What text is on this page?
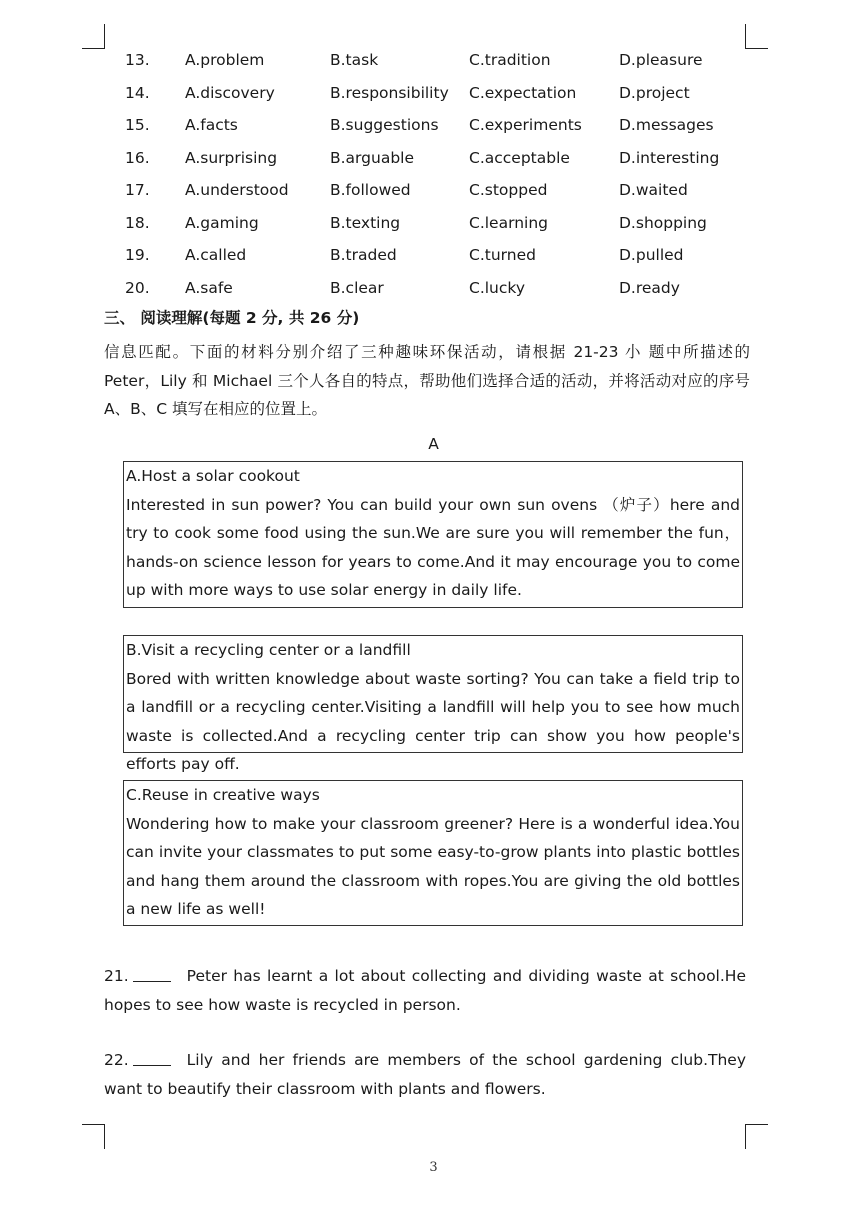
13. A.problem	B.task	C.tradition	D.pleasure
14. A.discovery	B.responsibility C.expectation	D.project
15. A.facts	B.suggestions C.experiments D.messages
16. A.surprising	B.arguable	C.acceptable	D.interesting
17. A.understood	B.followed	C.stopped	D.waited
18. A.gaming	B.texting	C.learning	D.shopping
19. A.called	B.traded	C.turned	D.pulled
20. A.safe	B.clear	C.lucky	D.ready
三、 阅读理解(每题 2 分, 共 26 分)
信息匹配。下面的材料分别介绍了三种趣味环保活动，请根据 21-23 小 题中所描述的 Peter，Lily 和 Michael 三个人各自的特点，帮助他们选择合适的活动，并将活动对应的序号 A、B、C 填写在相应的位置上。
A
A.Host a solar cookout
Interested in sun power? You can build your own sun ovens （炉子）here and try to cook some food using the sun.We are sure you will remember the fun，hands-on science lesson for years to come.And it may encourage you to come up with more ways to use solar energy in daily life.
B.Visit a recycling center or a landfill
Bored with written knowledge about waste sorting? You can take a field trip to a landfill or a recycling center.Visiting a landfill will help you to see how much waste is collected.And a recycling center trip can show you how people's efforts pay off.
C.Reuse in creative ways
Wondering how to make your classroom greener? Here is a wonderful idea.You can invite your classmates to put some easy-to-grow plants into plastic bottles and hang them around the classroom with ropes.You are giving the old bottles a new life as well!
21.	Peter has learnt a lot about collecting and dividing waste at school.He hopes to see how waste is recycled in person.
22.	Lily and her friends are members of the school gardening club.They want to beautify their classroom with plants and flowers.
3
